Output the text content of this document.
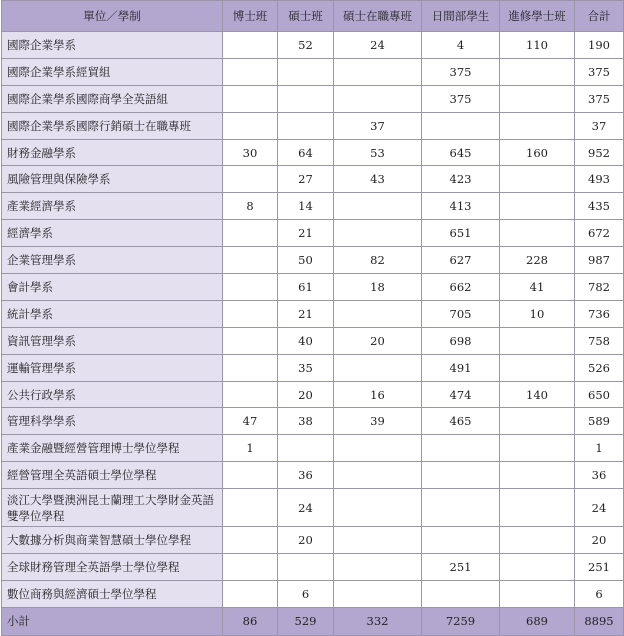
單位／學制	博士班	碩士班	碩士在職專班	日間部學生	進修學士班	合計
國際企業學系		52	24	4	110	190
國際企業學系經貿組				375		375
國際企業學系國際商學全英語組				375		375
國際企業學系國際行銷碩士在職專班			37			37
財務金融學系	30	64	53	645	160	952
風險管理與保險學系		27	43	423		493
產業經濟學系	8	14		413		435
經濟學系		21		651		672
企業管理學系		50	82	627	228	987
會計學系		61	18	662	41	782
統計學系		21		705	10	736
資訊管理學系		40	20	698		758
運輸管理學系		35		491		526
公共行政學系		20	16	474	140	650
管理科學學系	47	38	39	465		589
產業金融暨經營管理博士學位學程	1					1
經營管理全英語碩士學位學程		36				36
淡江大學暨澳洲昆士蘭理工大學財金英語雙學位學程		24				24
大數據分析與商業智慧碩士學位學程		20				20
全球財務管理全英語學士學位學程				251		251
數位商務與經濟碩士學位學程		6				6
小計	86	529	332	7259	689	8895
